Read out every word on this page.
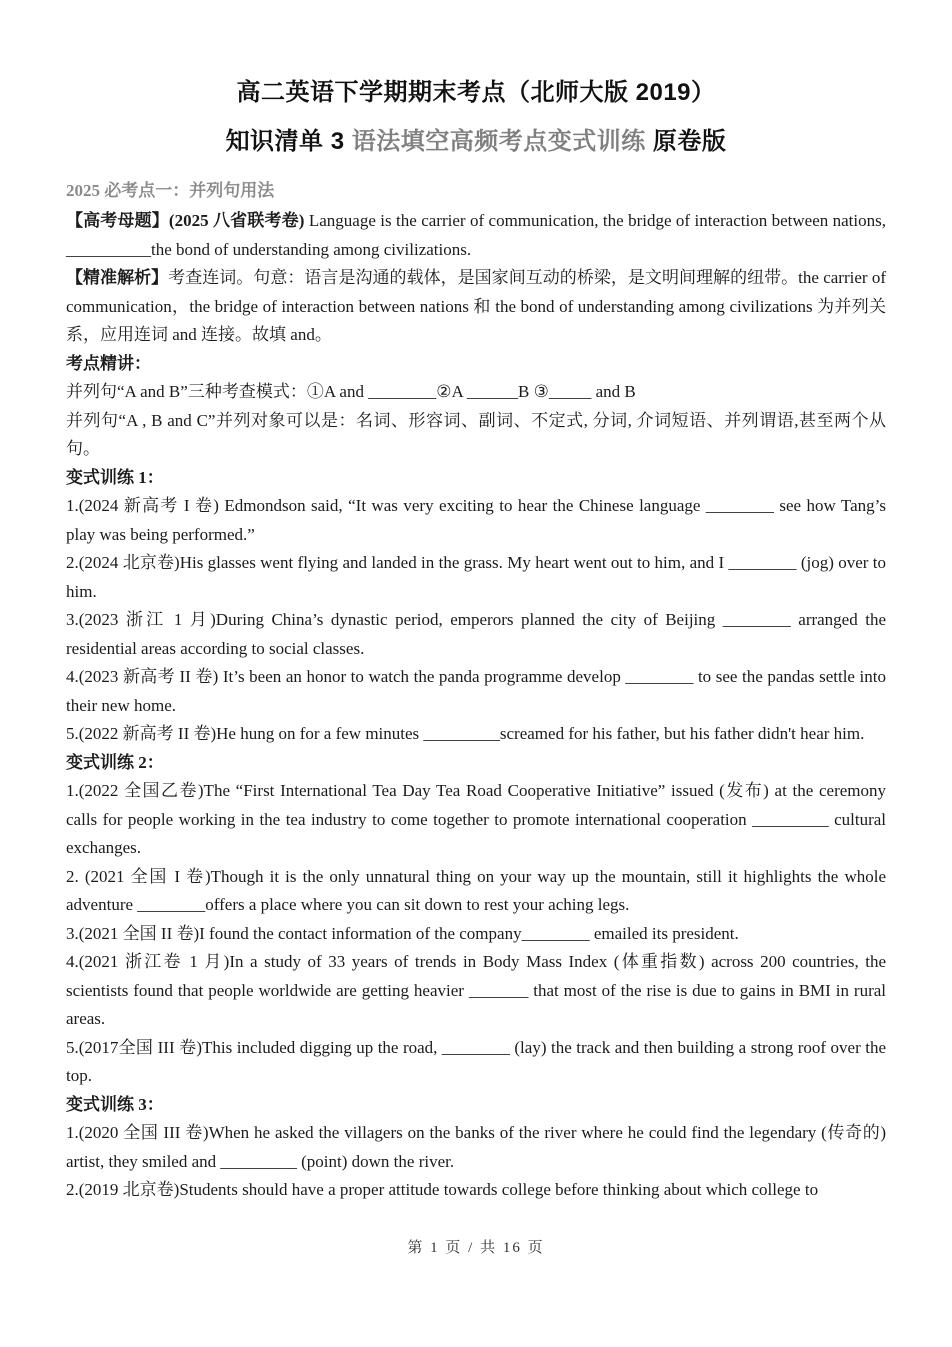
高二英语下学期期末考点（北师大版 2019）
知识清单 3 语法填空高频考点变式训练 原卷版
2025 必考点一：并列句用法

【高考母题】(2025 八省联考卷) Language is the carrier of communication, the bridge of interaction between nations, __________the bond of understanding among civilizations.

【精准解析】考查连词。句意：语言是沟通的载体，是国家间互动的桥梁，是文明间理解的纽带。the carrier of communication，the bridge of interaction between nations 和 the bond of understanding among civilizations 为并列关系，应用连词 and 连接。故填 and。

考点精讲：

并列句“A and B”三种考查模式：①A and ________②A ______B ③_____ and B

并列句“A , B and C”并列对象可以是：名词、形容词、副词、不定式, 分词, 介词短语、并列谓语,甚至两个从句。

变式训练 1：

1.(2024 新高考 I 卷) Edmondson said, “It was very exciting to hear the Chinese language ________ see how Tang’s play was being performed.”

2.(2024 北京卷)His glasses went flying and landed in the grass. My heart went out to him, and I ________ (jog) over to him.

3.(2023 浙江 1 月)During China’s dynastic period, emperors planned the city of Beijing ________ arranged the residential areas according to social classes.

4.(2023 新高考 II 卷) It’s been an honor to watch the panda programme develop ________ to see the pandas settle into their new home.

5.(2022 新高考 II 卷)He hung on for a few minutes _________screamed for his father, but his father didn't hear him.

变式训练 2：

1.(2022 全国乙卷)The “First International Tea Day Tea Road Cooperative Initiative” issued (发布) at the ceremony calls for people working in the tea industry to come together to promote international cooperation _________ cultural exchanges.

2. (2021 全国 I 卷)Though it is the only unnatural thing on your way up the mountain, still it highlights the whole adventure ________offers a place where you can sit down to rest your aching legs.

3.(2021 全国 II 卷)I found the contact information of the company________ emailed its president.

4.(2021 浙江卷 1 月)In a study of 33 years of trends in Body Mass Index (体重指数) across 200 countries, the scientists found that people worldwide are getting heavier _______ that most of the rise is due to gains in BMI in rural areas.

5.(2017全国 III 卷)This included digging up the road, ________ (lay) the track and then building a strong roof over the top.

变式训练 3：

1.(2020 全国 III 卷)When he asked the villagers on the banks of the river where he could find the legendary (传奇的) artist, they smiled and _________ (point) down the river.

2.(2019 北京卷)Students should have a proper attitude towards college before thinking about which college to

第 1 页 / 共 16 页
